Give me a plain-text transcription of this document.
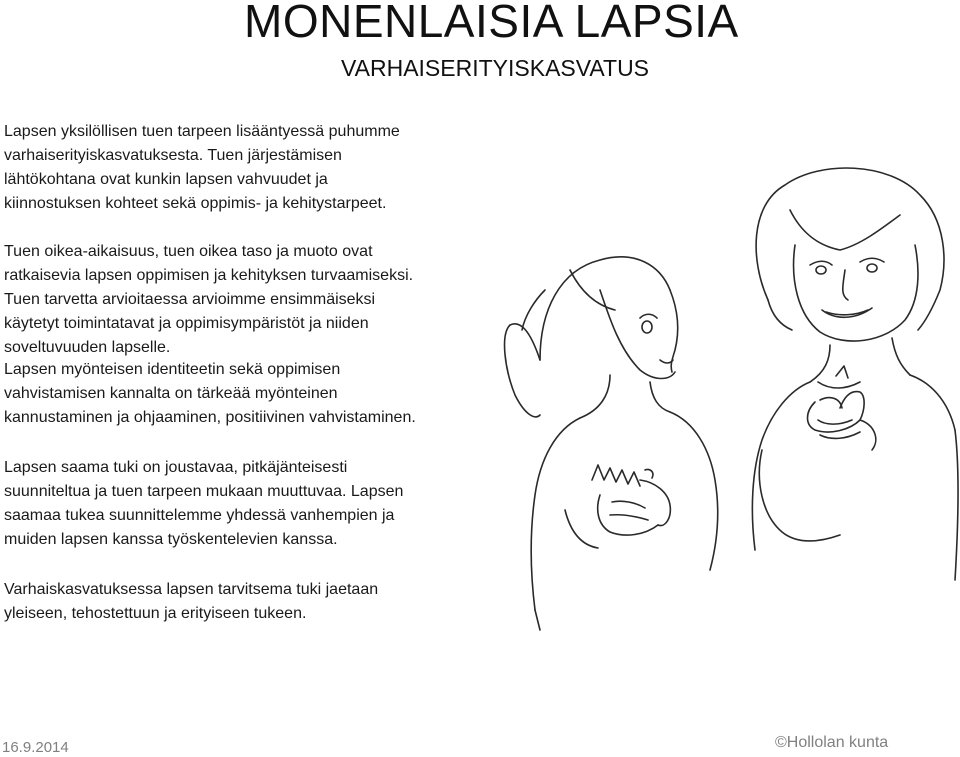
MONENLAISIA LAPSIA
VARHAISERITYISKASVATUS
Lapsen yksilöllisen tuen tarpeen lisääntyessä puhumme
varhaiserityiskasvatuksesta. Tuen järjestämisen
lähtökohtana ovat kunkin lapsen vahvuudet ja
kiinnostuksen kohteet sekä oppimis- ja kehitystarpeet.
Tuen oikea-aikaisuus, tuen oikea taso ja muoto ovat
ratkaisevia lapsen oppimisen ja kehityksen turvaamiseksi.
Tuen tarvetta arvioitaessa arvioimme ensimmäiseksi
käytetyt toimintatavat ja oppimisympäristöt ja niiden
soveltuvuuden lapselle.
Lapsen myönteisen identiteetin sekä oppimisen
vahvistamisen kannalta on tärkeää myönteinen
kannustaminen ja ohjaaminen, positiivinen vahvistaminen.
Lapsen saama tuki on joustavaa, pitkäjänteisesti
suunniteltua ja tuen tarpeen mukaan muuttuvaa. Lapsen
saamaa tukea suunnittelemme yhdessä vanhempien ja
muiden lapsen kanssa työskentelevien kanssa.
Varhaiskasvatuksessa lapsen tarvitsema tuki jaetaan
yleiseen, tehostettuun ja erityiseen tukeen.
16.9.2014	©Hollolan kunta
